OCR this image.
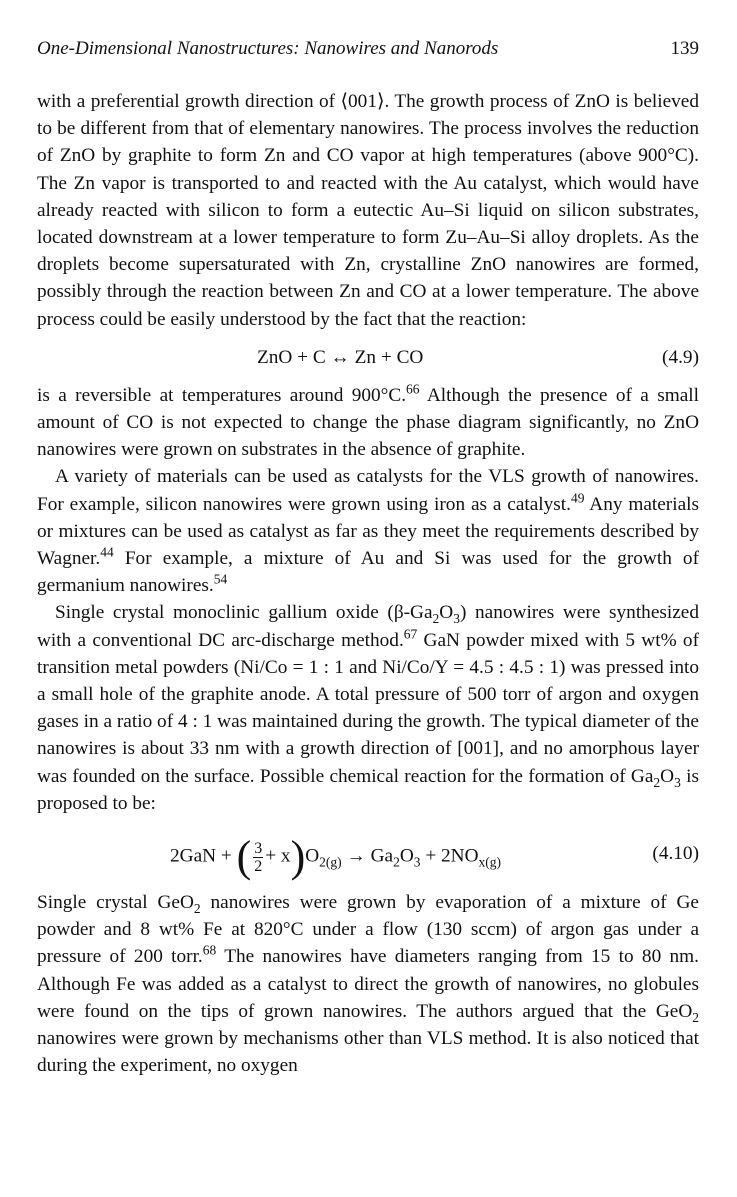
One-Dimensional Nanostructures: Nanowires and Nanorods	139

with a preferential growth direction of ⟨001⟩. The growth process of ZnO is believed to be different from that of elementary nanowires. The process involves the reduction of ZnO by graphite to form Zn and CO vapor at high temperatures (above 900°C). The Zn vapor is transported to and reacted with the Au catalyst, which would have already reacted with silicon to form a eutectic Au–Si liquid on silicon substrates, located downstream at a lower temperature to form Zu–Au–Si alloy droplets. As the droplets become supersaturated with Zn, crystalline ZnO nanowires are formed, possibly through the reaction between Zn and CO at a lower temperature. The above process could be easily understood by the fact that the reaction:

ZnO + C ↔ Zn + CO	(4.9)

is a reversible at temperatures around 900°C.$^{66}$ Although the presence of a small amount of CO is not expected to change the phase diagram significantly, no ZnO nanowires were grown on substrates in the absence of graphite.

A variety of materials can be used as catalysts for the VLS growth of nanowires. For example, silicon nanowires were grown using iron as a catalyst.$^{49}$ Any materials or mixtures can be used as catalyst as far as they meet the requirements described by Wagner.$^{44}$ For example, a mixture of Au and Si was used for the growth of germanium nanowires.$^{54}$

Single crystal monoclinic gallium oxide $(\beta-Ga_2O_3)$ nanowires were synthesized with a conventional DC arc-discharge method.$^{67}$ GaN powder mixed with 5 wt% of transition metal powders (Ni/Co = 1 : 1 and Ni/Co/Y = 4.5 : 4.5 : 1) was pressed into a small hole of the graphite anode. A total pressure of 500 torr of argon and oxygen gases in a ratio of 4 : 1 was maintained during the growth. The typical diameter of the nanowires is about 33 nm with a growth direction of [001], and no amorphous layer was founded on the surface. Possible chemical reaction for the formation of $Ga_2O_3$ is proposed to be:

2GaN + ( $\frac{3}{2} + x)O_{2(g)} \to Ga_2O_3 + 2NO_{x(g)}$	(4.10)

Single crystal GeO$_2$ nanowires were grown by evaporation of a mixture of Ge powder and 8 wt% Fe at 820°C under a flow (130 sccm) of argon gas under a pressure of 200 torr.$^{68}$ The nanowires have diameters ranging from 15 to 80 nm. Although Fe was added as a catalyst to direct the growth of nanowires, no globules were found on the tips of grown nanowires. The authors argued that the GeO$_2$ nanowires were grown by mechanisms other than VLS method. It is also noticed that during the experiment, no oxygen
